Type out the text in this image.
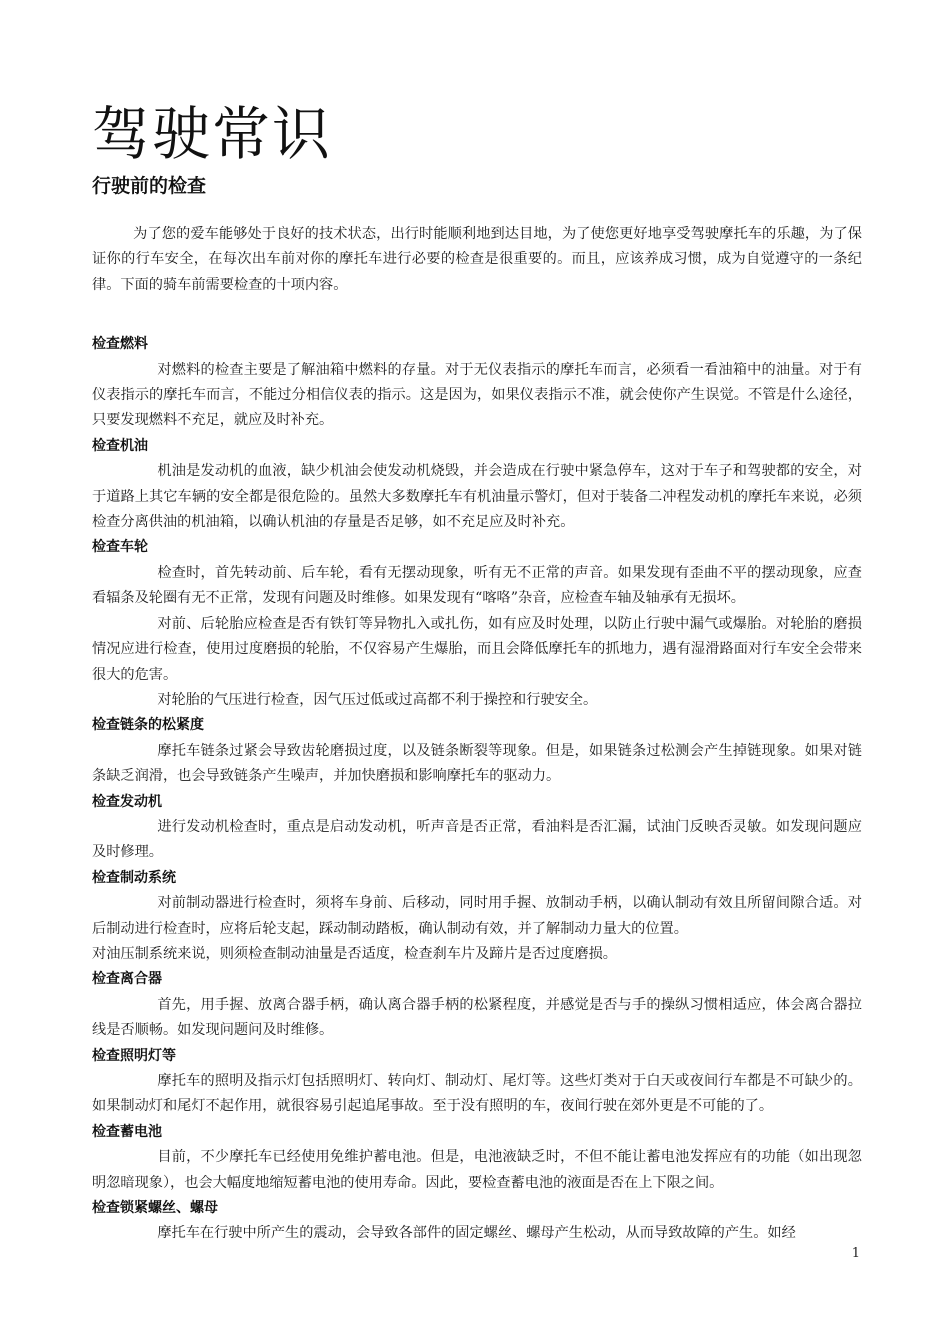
驾驶常识
行驶前的检查

为了您的爱车能够处于良好的技术状态，出行时能顺利地到达目地，为了使您更好地享受驾驶摩托车的乐趣，为了保证你的行车安全，在每次出车前对你的摩托车进行必要的检查是很重要的。而且，应该养成习惯，成为自觉遵守的一条纪律。下面的骑车前需要检查的十项内容。

检查燃料

对燃料的检查主要是了解油箱中燃料的存量。对于无仪表指示的摩托车而言，必须看一看油箱中的油量。对于有仪表指示的摩托车而言，不能过分相信仪表的指示。这是因为，如果仪表指示不准，就会使你产生误觉。不管是什么途径，只要发现燃料不充足，就应及时补充。

检查机油

机油是发动机的血液，缺少机油会使发动机烧毁，并会造成在行驶中紧急停车，这对于车子和驾驶都的安全，对于道路上其它车辆的安全都是很危险的。虽然大多数摩托车有机油量示警灯，但对于装备二冲程发动机的摩托车来说，必须检查分离供油的机油箱，以确认机油的存量是否足够，如不充足应及时补充。

检查车轮

检查时，首先转动前、后车轮，看有无摆动现象，听有无不正常的声音。如果发现有歪曲不平的摆动现象，应查看辐条及轮圈有无不正常，发现有问题及时维修。如果发现有“喀咯”杂音，应检查车轴及轴承有无损坏。

对前、后轮胎应检查是否有铁钉等异物扎入或扎伤，如有应及时处理，以防止行驶中漏气或爆胎。对轮胎的磨损情况应进行检查，使用过度磨损的轮胎，不仅容易产生爆胎，而且会降低摩托车的抓地力，遇有湿滑路面对行车安全会带来很大的危害。

对轮胎的气压进行检查，因气压过低或过高都不利于操控和行驶安全。

检查链条的松紧度

摩托车链条过紧会导致齿轮磨损过度，以及链条断裂等现象。但是，如果链条过松测会产生掉链现象。如果对链条缺乏润滑，也会导致链条产生噪声，并加快磨损和影响摩托车的驱动力。

检查发动机

进行发动机检查时，重点是启动发动机，听声音是否正常，看油料是否汇漏，试油门反映否灵敏。如发现问题应及时修理。

检查制动系统

对前制动器进行检查时，须将车身前、后移动，同时用手握、放制动手柄，以确认制动有效且所留间隙合适。对后制动进行检查时，应将后轮支起，踩动制动踏板，确认制动有效，并了解制动力量大的位置。

对油压制系统来说，则须检查制动油量是否适度，检查刹车片及蹄片是否过度磨损。

检查离合器

首先，用手握、放离合器手柄，确认离合器手柄的松紧程度，并感觉是否与手的操纵习惯相适应，体会离合器拉线是否顺畅。如发现问题问及时维修。

检查照明灯等

摩托车的照明及指示灯包括照明灯、转向灯、制动灯、尾灯等。这些灯类对于白天或夜间行车都是不可缺少的。如果制动灯和尾灯不起作用，就很容易引起追尾事故。至于没有照明的车，夜间行驶在郊外更是不可能的了。

检查蓄电池

目前，不少摩托车已经使用免维护蓄电池。但是，电池液缺乏时，不但不能让蓄电池发挥应有的功能（如出现忽明忽暗现象），也会大幅度地缩短蓄电池的使用寿命。因此，要检查蓄电池的液面是否在上下限之间。

检查锁紧螺丝、螺母

摩托车在行驶中所产生的震动，会导致各部件的固定螺丝、螺母产生松动，从而导致故障的产生。如经

1
